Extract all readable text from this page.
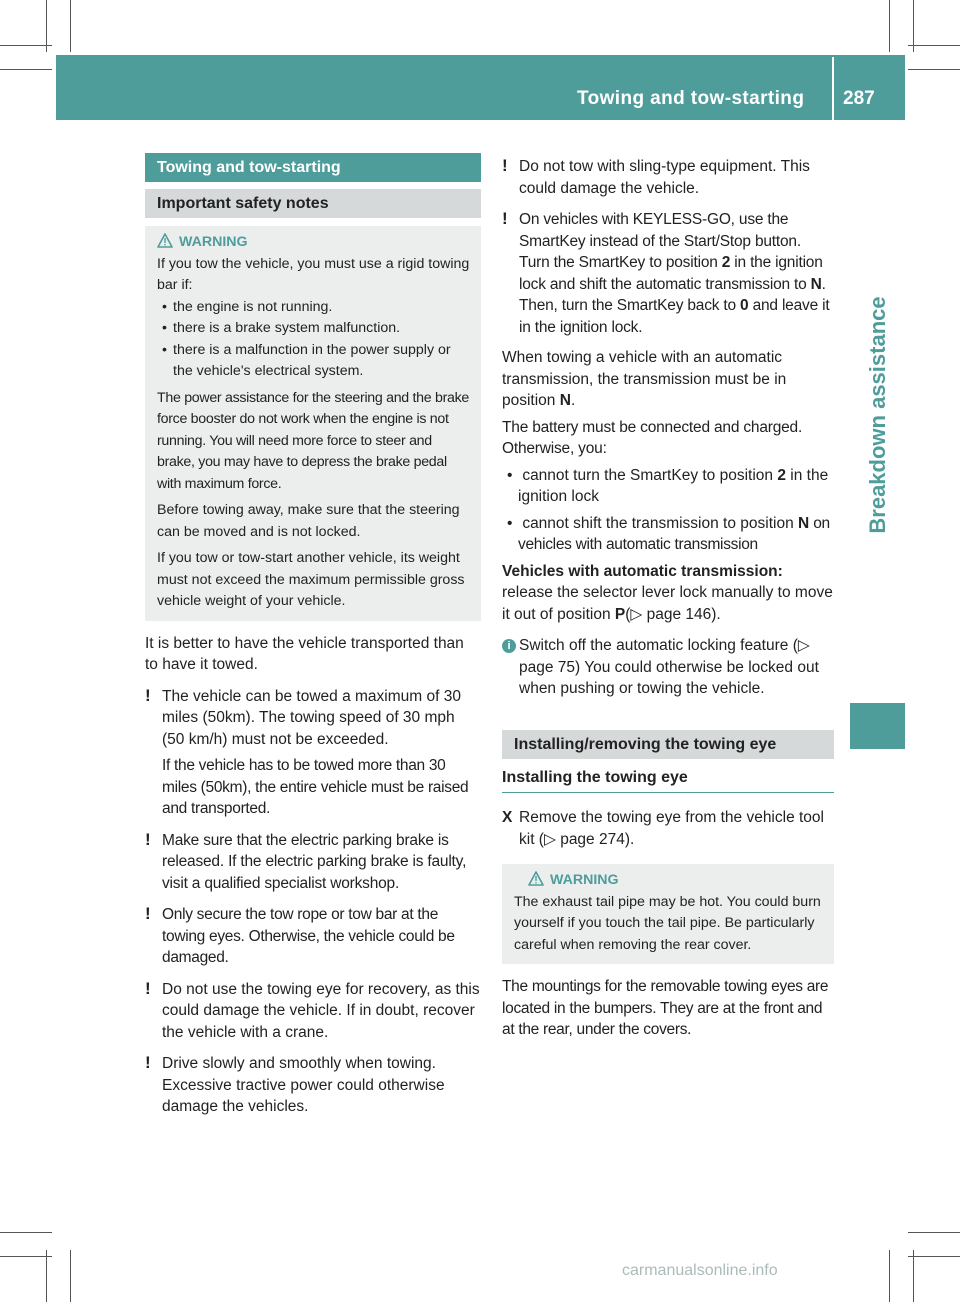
Towing and tow-starting 287
Breakdown assistance
Towing and tow-starting
Important safety notes
WARNING
If you tow the vehicle, you must use a rigid towing bar if:
• the engine is not running.
• there is a brake system malfunction.
• there is a malfunction in the power supply or the vehicle's electrical system.
The power assistance for the steering and the brake force booster do not work when the engine is not running. You will need more force to steer and brake, you may have to depress the brake pedal with maximum force.
Before towing away, make sure that the steering can be moved and is not locked.
If you tow or tow-start another vehicle, its weight must not exceed the maximum permissible gross vehicle weight of your vehicle.
It is better to have the vehicle transported than to have it towed.
! The vehicle can be towed a maximum of 30 miles (50km). The towing speed of 30 mph (50 km/h) must not be exceeded.
If the vehicle has to be towed more than 30 miles (50km), the entire vehicle must be raised and transported.
! Make sure that the electric parking brake is released. If the electric parking brake is faulty, visit a qualified specialist workshop.
! Only secure the tow rope or tow bar at the towing eyes. Otherwise, the vehicle could be damaged.
! Do not use the towing eye for recovery, as this could damage the vehicle. If in doubt, recover the vehicle with a crane.
! Drive slowly and smoothly when towing. Excessive tractive power could otherwise damage the vehicles.
! Do not tow with sling-type equipment. This could damage the vehicle.
! On vehicles with KEYLESS-GO, use the SmartKey instead of the Start/Stop button. Turn the SmartKey to position 2 in the ignition lock and shift the automatic transmission to N. Then, turn the SmartKey back to 0 and leave it in the ignition lock.
When towing a vehicle with an automatic transmission, the transmission must be in position N.
The battery must be connected and charged. Otherwise, you:
• cannot turn the SmartKey to position 2 in the ignition lock
• cannot shift the transmission to position N on vehicles with automatic transmission
Vehicles with automatic transmission:
release the selector lever lock manually to move it out of position P(▷ page 146).
i Switch off the automatic locking feature (▷ page 75) You could otherwise be locked out when pushing or towing the vehicle.
Installing/removing the towing eye
Installing the towing eye
X Remove the towing eye from the vehicle tool kit (▷ page 274).
WARNING
The exhaust tail pipe may be hot. You could burn yourself if you touch the tail pipe. Be particularly careful when removing the rear cover.
The mountings for the removable towing eyes are located in the bumpers. They are at the front and at the rear, under the covers.
carmanualsonline.info
